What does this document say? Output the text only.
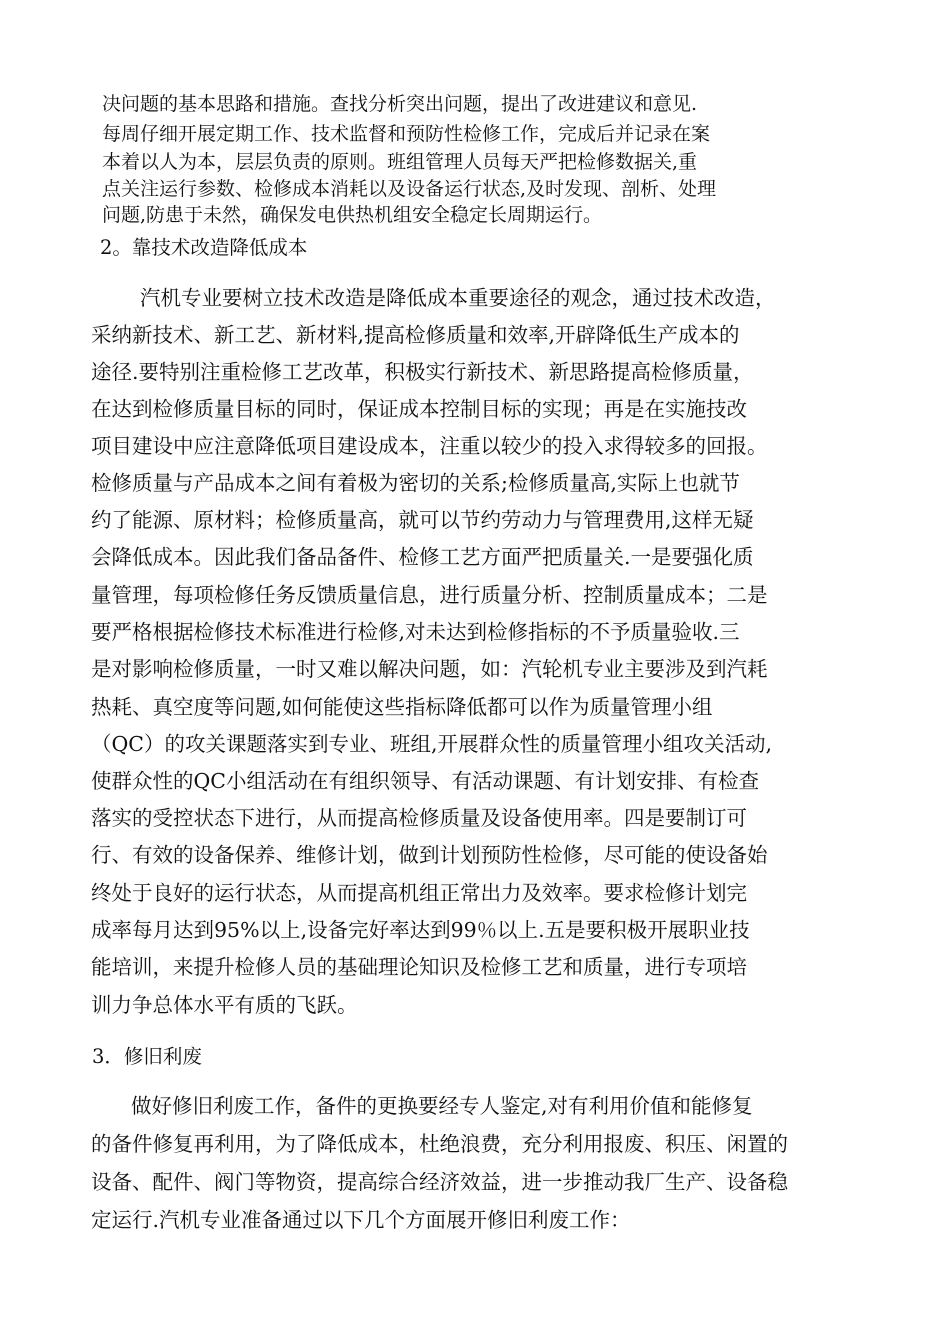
决问题的基本思路和措施。查找分析突出问题，提出了改进建议和意见.
每周仔细开展定期工作、技术监督和预防性检修工作，完成后并记录在案
本着以人为本，层层负责的原则。班组管理人员每天严把检修数据关,重
点关注运行参数、检修成本消耗以及设备运行状态,及时发现、剖析、处理
问题,防患于未然，确保发电供热机组安全稳定长周期运行。
2。靠技术改造降低成本
汽机专业要树立技术改造是降低成本重要途径的观念，通过技术改造，
采纳新技术、新工艺、新材料,提高检修质量和效率,开辟降低生产成本的
途径.要特别注重检修工艺改革，积极实行新技术、新思路提高检修质量，
在达到检修质量目标的同时，保证成本控制目标的实现；再是在实施技改
项目建设中应注意降低项目建设成本，注重以较少的投入求得较多的回报。
检修质量与产品成本之间有着极为密切的关系;检修质量高,实际上也就节
约了能源、原材料；检修质量高，就可以节约劳动力与管理费用,这样无疑
会降低成本。因此我们备品备件、检修工艺方面严把质量关.一是要强化质
量管理，每项检修任务反馈质量信息，进行质量分析、控制质量成本；二是
要严格根据检修技术标准进行检修,对未达到检修指标的不予质量验收.三
是对影响检修质量，一时又难以解决问题，如：汽轮机专业主要涉及到汽耗
热耗、真空度等问题,如何能使这些指标降低都可以作为质量管理小组
（QC）的攻关课题落实到专业、班组,开展群众性的质量管理小组攻关活动,
使群众性的QC小组活动在有组织领导、有活动课题、有计划安排、有检查
落实的受控状态下进行，从而提高检修质量及设备使用率。四是要制订可
行、有效的设备保养、维修计划，做到计划预防性检修，尽可能的使设备始
终处于良好的运行状态，从而提高机组正常出力及效率。要求检修计划完
成率每月达到95%以上,设备完好率达到99％以上.五是要积极开展职业技
能培训，来提升检修人员的基础理论知识及检修工艺和质量，进行专项培
训力争总体水平有质的飞跃。
3．修旧利废
做好修旧利废工作，备件的更换要经专人鉴定,对有利用价值和能修复
的备件修复再利用，为了降低成本，杜绝浪费，充分利用报废、积压、闲置的
设备、配件、阀门等物资，提高综合经济效益，进一步推动我厂生产、设备稳
定运行.汽机专业准备通过以下几个方面展开修旧利废工作：
